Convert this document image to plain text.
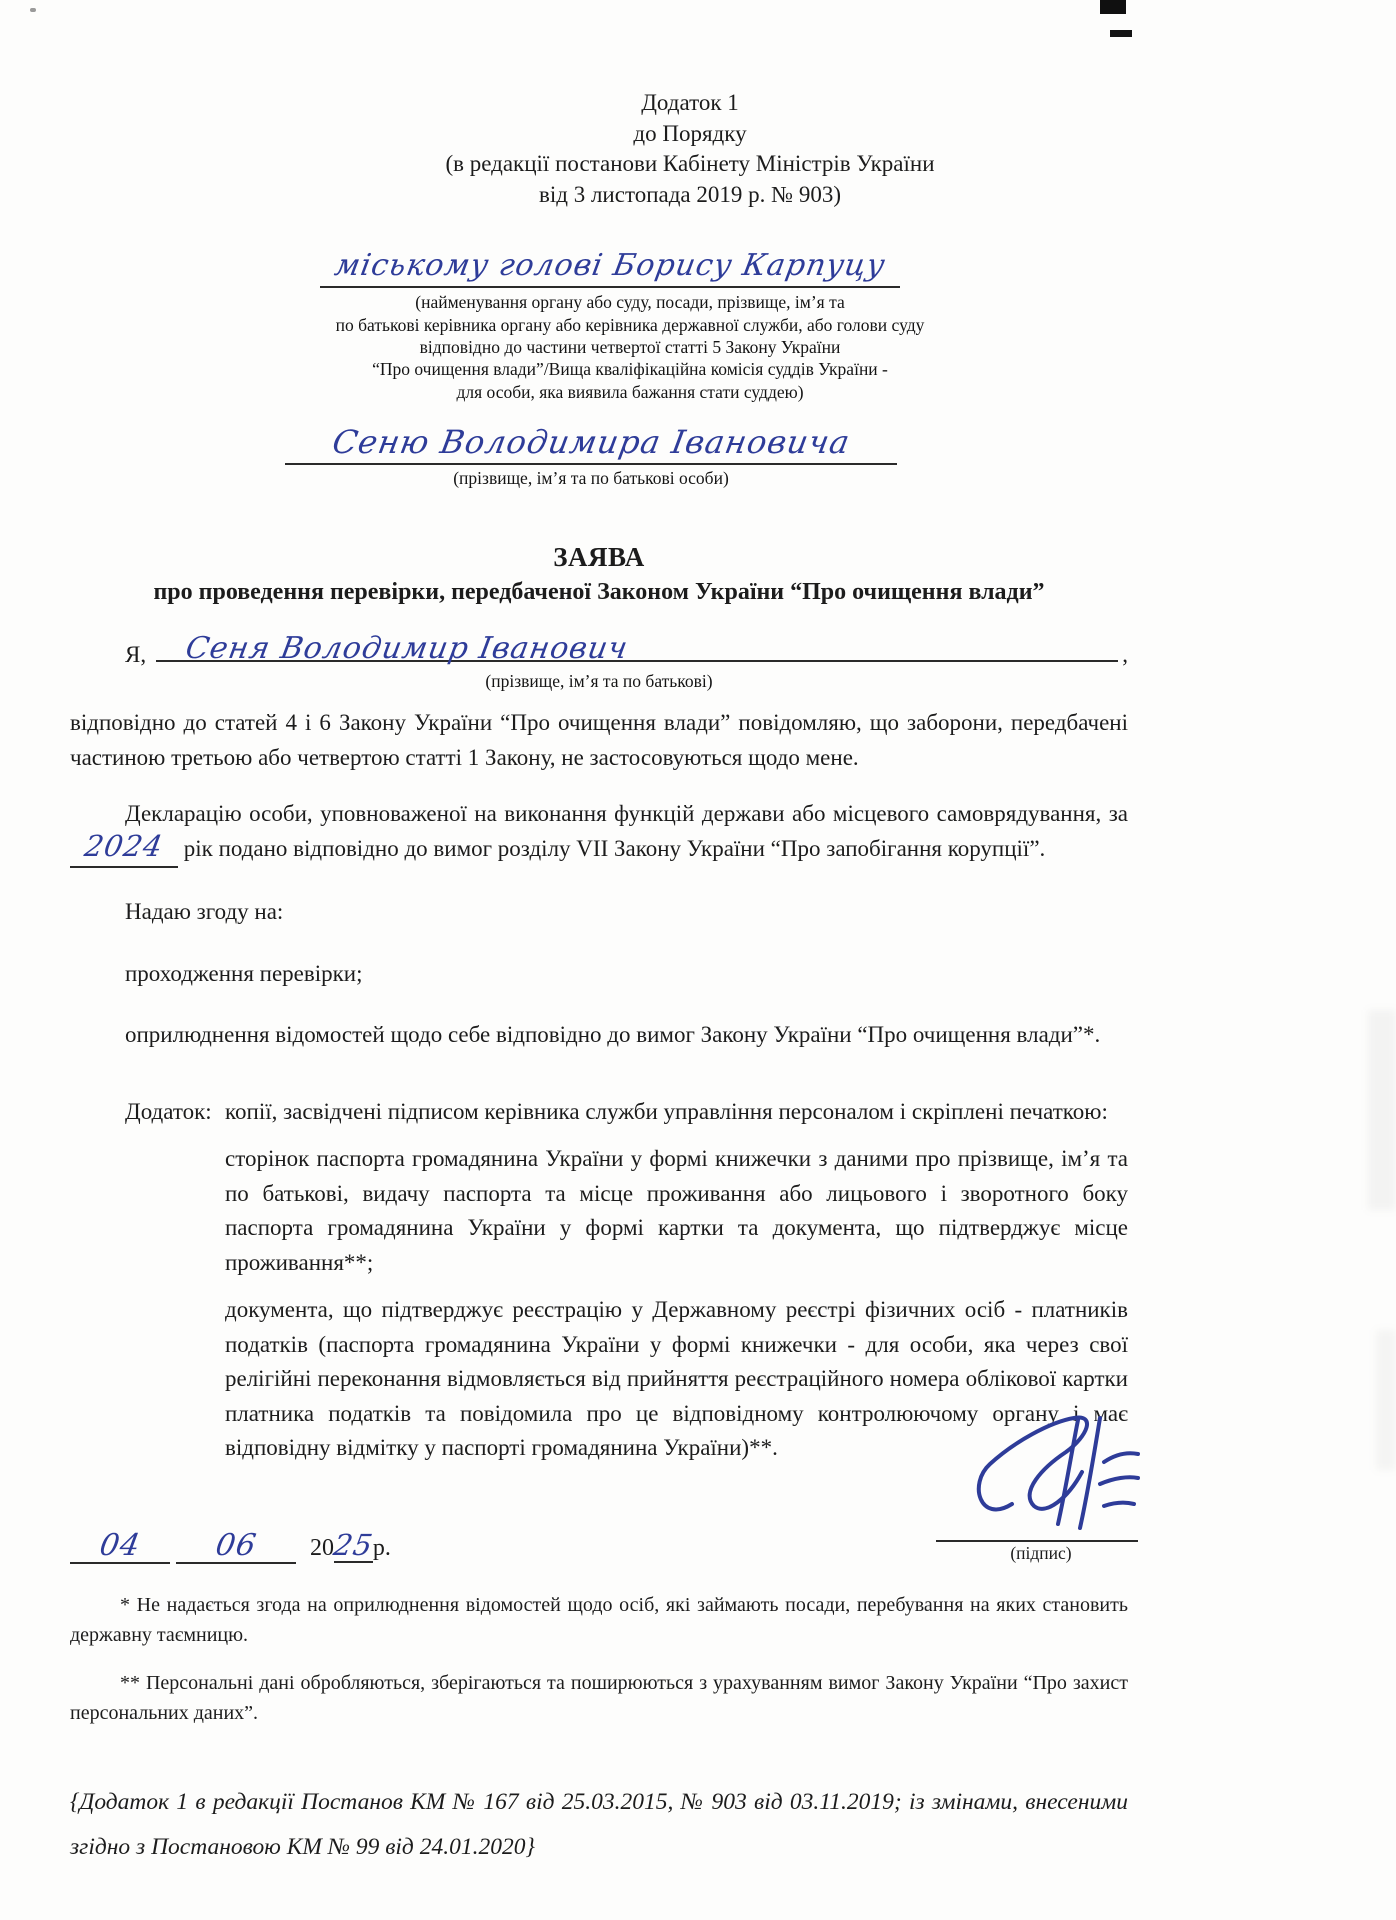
Додаток 1
до Порядку
(в редакції постанови Кабінету Міністрів України
від 3 листопада 2019 р. № 903)
міському голові Борису Карпуцу
(найменування органу або суду, посади, прізвище, ім’я та
по батькові керівника органу або керівника державної служби, або голови суду
відповідно до частини четвертої статті 5 Закону України
“Про очищення влади”/Вища кваліфікаційна комісія суддів України -
для особи, яка виявила бажання стати суддею)
Сеню Володимира Івановича
(прізвище, ім’я та по батькові особи)
ЗАЯВА
про проведення перевірки, передбаченої Законом України “Про очищення влади”
Я, Сеня Володимир Іванович	,
(прізвище, ім’я та по батькові)

відповідно до статей 4 і 6 Закону України “Про очищення влади” повідомляю, що заборони, передбачені частиною третьою або четвертою статті 1 Закону, не застосовуються щодо мене.

Декларацію особи, уповноваженої на виконання функцій держави або місцевого самоврядування, за 2024 рік подано відповідно до вимог розділу VII Закону України “Про запобігання корупції”.

Надаю згоду на:

проходження перевірки;

оприлюднення відомостей щодо себе відповідно до вимог Закону України “Про очищення влади”*.

Додаток: копії, засвідчені підписом керівника служби управління персоналом і скріплені печаткою:
сторінок паспорта громадянина України у формі книжечки з даними про прізвище, ім’я та по батькові, видачу паспорта та місце проживання або лицьового і зворотного боку паспорта громадянина України у формі картки та документа, що підтверджує місце проживання**;
документа, що підтверджує реєстрацію у Державному реєстрі фізичних осіб - платників податків (паспорта громадянина України у формі книжечки - для особи, яка через свої релігійні переконання відмовляється від прийняття реєстраційного номера облікової картки платника податків та повідомила про це відповідному контролюючому органу і має відповідну відмітку у паспорті громадянина України)**.
04 06 2025р.	(підпис)

* Не надається згода на оприлюднення відомостей щодо осіб, які займають посади, перебування на яких становить державну таємницю.

** Персональні дані обробляються, зберігаються та поширюються з урахуванням вимог Закону України “Про захист персональних даних”.

{Додаток 1 в редакції Постанов КМ № 167 від 25.03.2015, № 903 від 03.11.2019; із змінами, внесеними згідно з Постановою КМ № 99 від 24.01.2020}
